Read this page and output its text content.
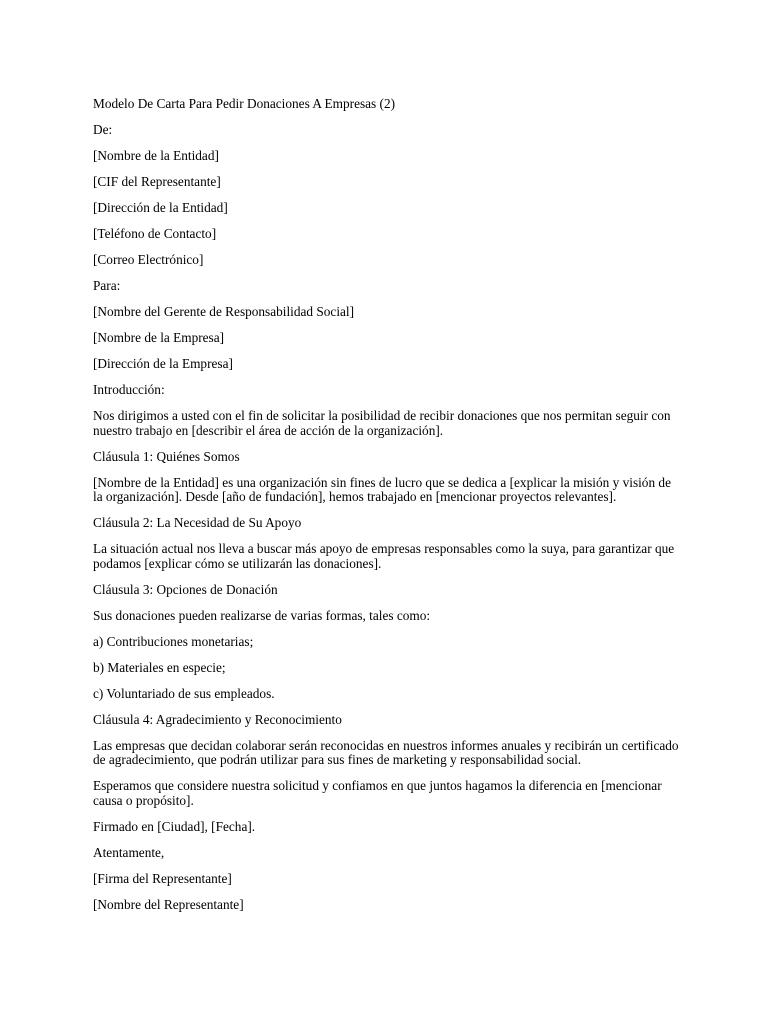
Modelo De Carta Para Pedir Donaciones A Empresas (2)

De:

[Nombre de la Entidad]

[CIF del Representante]

[Dirección de la Entidad]

[Teléfono de Contacto]

[Correo Electrónico]

Para:

[Nombre del Gerente de Responsabilidad Social]

[Nombre de la Empresa]

[Dirección de la Empresa]

Introducción:

Nos dirigimos a usted con el fin de solicitar la posibilidad de recibir donaciones que nos permitan seguir con nuestro trabajo en [describir el área de acción de la organización].

Cláusula 1: Quiénes Somos

[Nombre de la Entidad] es una organización sin fines de lucro que se dedica a [explicar la misión y visión de la organización]. Desde [año de fundación], hemos trabajado en [mencionar proyectos relevantes].

Cláusula 2: La Necesidad de Su Apoyo

La situación actual nos lleva a buscar más apoyo de empresas responsables como la suya, para garantizar que podamos [explicar cómo se utilizarán las donaciones].

Cláusula 3: Opciones de Donación

Sus donaciones pueden realizarse de varias formas, tales como:

a) Contribuciones monetarias;

b) Materiales en especie;

c) Voluntariado de sus empleados.

Cláusula 4: Agradecimiento y Reconocimiento

Las empresas que decidan colaborar serán reconocidas en nuestros informes anuales y recibirán un certificado de agradecimiento, que podrán utilizar para sus fines de marketing y responsabilidad social.

Esperamos que considere nuestra solicitud y confiamos en que juntos hagamos la diferencia en [mencionar causa o propósito].

Firmado en [Ciudad], [Fecha].

Atentamente,

[Firma del Representante]

[Nombre del Representante]
